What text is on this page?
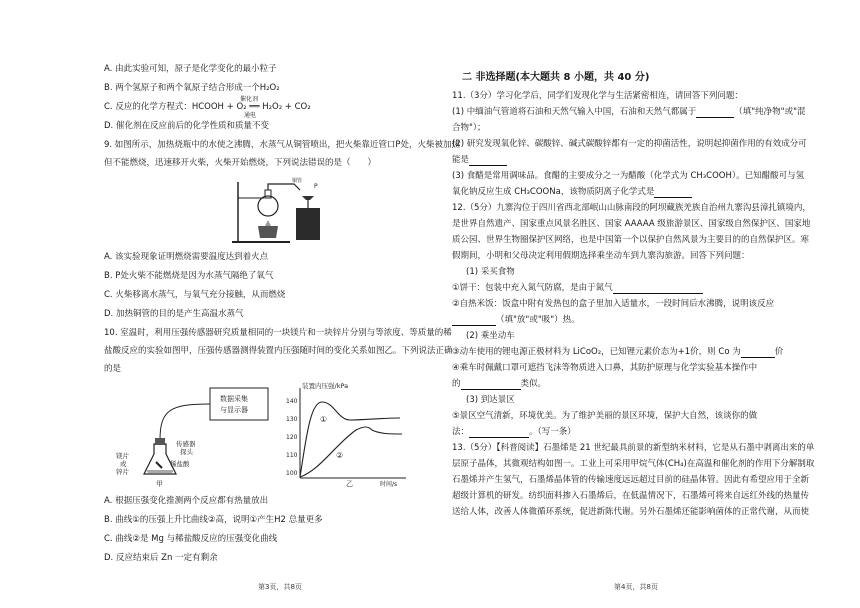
A. 由此实验可知，原子是化学变化的最小粒子
B. 两个氢原子和两个氧原子结合形成一个H₂O₂
C. 反应的化学方程式：HCOOH + O₂ ══ H₂O₂ + CO₂
催化剂
通电
D. 催化剂在反应前后的化学性质和质量不变
9. 如图所示，加热烧瓶中的水使之沸腾，水蒸气从铜管喷出，把火柴靠近管口P处，火柴被加热
但不能燃烧，迅速移开火柴，火柴开始燃烧，下列说法错误的是（　　）
铜管
P
A. 该实验现象证明燃烧需要温度达到着火点
B. P处火柴不能燃烧是因为水蒸气隔绝了氧气
C. 火柴移离水蒸气，与氧气充分接触，从而燃烧
D. 加热铜管的目的是产生高温水蒸气
10. 室温时，利用压强传感器研究质量相同的一块镁片和一块锌片分别与等浓度、等质量的稀
盐酸反应的实验如图甲，压强传感器测得装置内压强随时间的变化关系如图乙。下列说法正确
的是
数据采集
与显示器
传感器
探头
稀盐酸
镁片
或
锌片
甲
装置内压强/kPa
140
130
120
110
100
①
②
乙	时间/s
A. 根据压强变化推测两个反应都有热量放出
B. 曲线①的压强上升比曲线②高，说明①产生H2 总量更多
C. 曲线②是 Mg 与稀盐酸反应的压强变化曲线
D. 反应结束后 Zn 一定有剩余
第3页，共8页
二 非选择题(本大题共 8 小题，共 40 分)
11.（3分）学习化学后，同学们发现化学与生活紧密相连，请回答下列问题：
(1) 中缅油气管道将石油和天然气输入中国，石油和天然气都属于	（填"纯净物"或"混
合物"）；
(2) 研究发现氧化锌、碳酸锌、碱式碳酸锌都有一定的抑菌活性，说明起抑菌作用的有效成分可
能是
(3) 食醋是常用调味品。食醋的主要成分之一为醋酸（化学式为 CH₃COOH）。已知醋酸可与氢
氧化钠反应生成 CH₃COONa，该物质阴离子化学式是
12.（5分）九寨沟位于四川省西北部岷山山脉南段的阿坝藏族羌族自治州九寨沟县漳扎镇境内，
是世界自然遗产、国家重点风景名胜区、国家 AAAAA 级旅游景区、国家级自然保护区、国家地
质公园、世界生物圈保护区网络，也是中国第一个以保护自然风景为主要目的的自然保护区。寒
假期间，小明和父母决定利用假期选择乘坐动车到九寨沟旅游。回答下列问题：
(1) 采买食物
①饼干：包装中充入氮气防腐，是由于氮气
②自热米饭：饭盒中附有发热包的盒子里加入适量水，一段时间后水沸腾，说明该反应
（填"放"或"吸"）热。
(2) 乘坐动车
③动车使用的锂电源正极材料为 LiCoO₂，已知锂元素价态为+1价，则 Co 为	价
④乘车时佩戴口罩可遮挡飞沫等物质进入口鼻，其防护原理与化学实验基本操作中
的	类似。
(3) 到达景区
⑤景区空气清新，环境优美。为了维护美丽的景区环境，保护大自然，该谈你的做
法：	。（写一条）
13.（5分）【科普阅读】石墨烯是 21 世纪最具前景的新型纳米材料，它是从石墨中剥离出来的单
层原子晶体，其微观结构如图一。工业上可采用甲烷气体(CH₄)在高温和催化剂的作用下分解制取
石墨烯并产生氢气，石墨烯晶体管的传输速度远远超过目前的硅晶体管。因此有希望应用于全新
超级计算机的研发。纺织面料掺入石墨烯后，在低温情况下，石墨烯可将来自远红外线的热量传
送给人体，改善人体微循环系统，促进新陈代谢。另外石墨烯还能影响菌体的正常代谢，从而使
第4页，共8页
